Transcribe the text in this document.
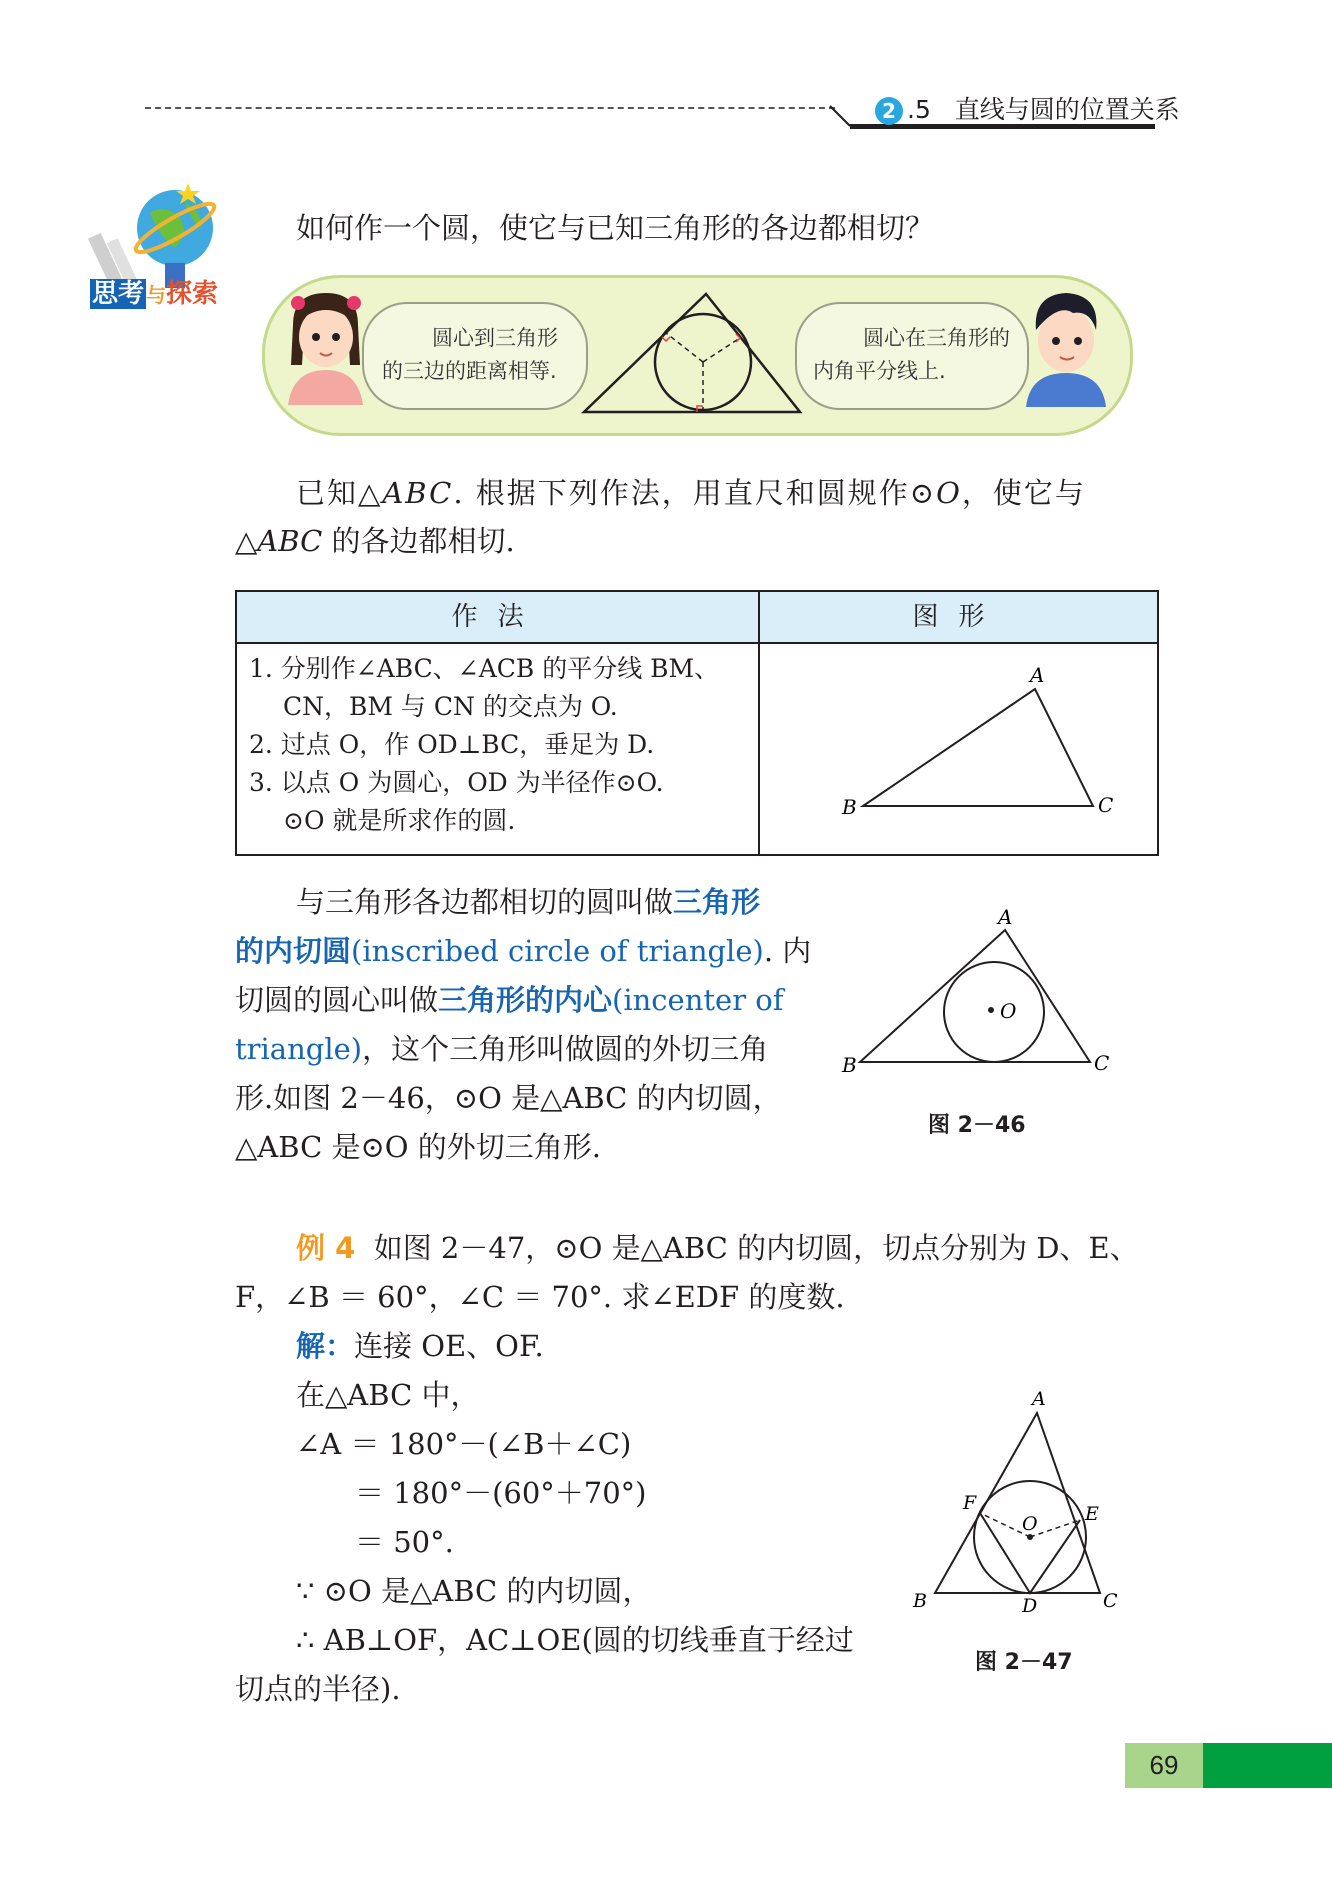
2 .5 直线与圆的位置关系
思考 与探索
如何作一个圆，使它与已知三角形的各边都相切？
圆心到三角形的三边的距离相等.
圆心在三角形的内角平分线上.
已知△ABC. 根据下列作法，用直尺和圆规作⊙O，使它与
△ABC 的各边都相切.
作法	图形
1. 分别作∠ABC、∠ACB 的平分线 BM、
CN，BM 与 CN 的交点为 O.
2. 过点 O，作 OD⊥BC，垂足为 D.
3. 以点 O 为圆心，OD 为半径作⊙O.
⊙O 就是所求作的圆.
A
B	C
与三角形各边都相切的圆叫做三角形
的内切圆(inscribed circle of triangle). 内
切圆的圆心叫做三角形的内心(incenter of
triangle)，这个三角形叫做圆的外切三角
形.如图 2－46，⊙O 是△ABC 的内切圆，
△ABC 是⊙O 的外切三角形.
A
B	C
O
图 2－46
例 4 如图 2－47，⊙O 是△ABC 的内切圆，切点分别为 D、E、
F，∠B ＝ 60°，∠C ＝ 70°. 求∠EDF 的度数.
解：连接 OE、OF.
在△ABC 中，
∠A ＝ 180°－(∠B＋∠C)
＝ 180°－(60°＋70°)
＝ 50°.
∵ ⊙O 是△ABC 的内切圆，
∴ AB⊥OF，AC⊥OE(圆的切线垂直于经过
切点的半径).
A
B	C
D
E
F
O
图 2－47
69
